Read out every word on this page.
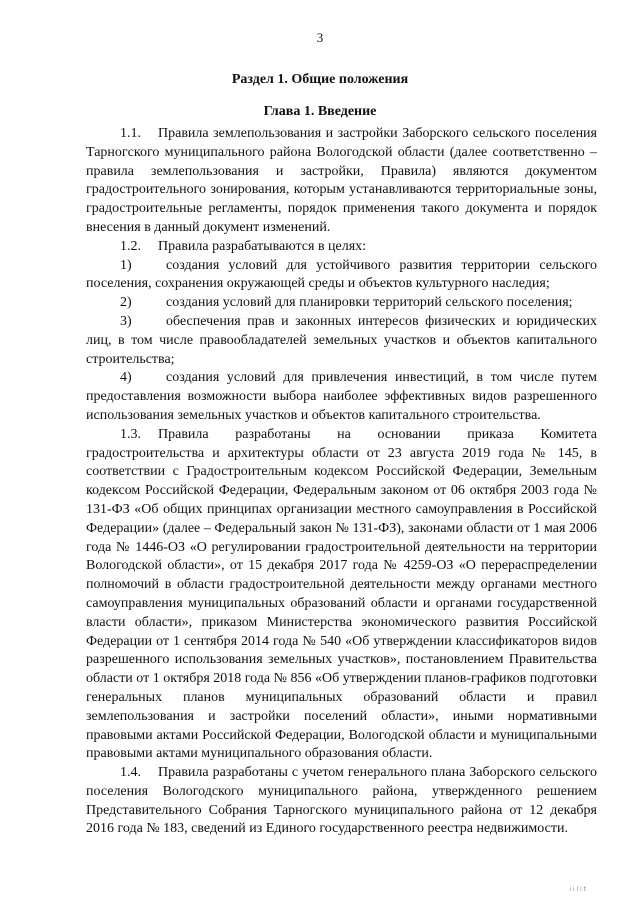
3
Раздел 1. Общие положения
Глава 1. Введение

1.1. Правила землепользования и застройки Заборского сельского поселения Тарногского муниципального района Вологодской области (далее соответственно – правила землепользования и застройки, Правила) являются документом градостроительного зонирования, которым устанавливаются территориальные зоны, градостроительные регламенты, порядок применения такого документа и порядок внесения в данный документ изменений.

1.2. Правила разрабатываются в целях:

1) создания условий для устойчивого развития территории сельского поселения, сохранения окружающей среды и объектов культурного наследия;

2) создания условий для планировки территорий сельского поселения;

3) обеспечения прав и законных интересов физических и юридических лиц, в том числе правообладателей земельных участков и объектов капитального строительства;

4) создания условий для привлечения инвестиций, в том числе путем предоставления возможности выбора наиболее эффективных видов разрешенного использования земельных участков и объектов капитального строительства.

1.3. Правила разработаны на основании приказа Комитета градостроительства и архитектуры области от 23 августа 2019 года № 145, в соответствии с Градостроительным кодексом Российской Федерации, Земельным кодексом Российской Федерации, Федеральным законом от 06 октября 2003 года № 131-ФЗ «Об общих принципах организации местного самоуправления в Российской Федерации» (далее – Федеральный закон № 131-ФЗ), законами области от 1 мая 2006 года № 1446-ОЗ «О регулировании градостроительной деятельности на территории Вологодской области», от 15 декабря 2017 года № 4259-ОЗ «О перераспределении полномочий в области градостроительной деятельности между органами местного самоуправления муниципальных образований области и органами государственной власти области», приказом Министерства экономического развития Российской Федерации от 1 сентября 2014 года № 540 «Об утверждении классификаторов видов разрешенного использования земельных участков», постановлением Правительства области от 1 октября 2018 года № 856 «Об утверждении планов-графиков подготовки генеральных планов муниципальных образований области и правил землепользования и застройки поселений области», иными нормативными правовыми актами Российской Федерации, Вологодской области и муниципальными правовыми актами муниципального образования области.

1.4. Правила разработаны с учетом генерального плана Заборского сельского поселения Вологодского муниципального района, утвержденного решением Представительного Собрания Тарногского муниципального района от 12 декабря 2016 года № 183, сведений из Единого государственного реестра недвижимости.

i i l i t
